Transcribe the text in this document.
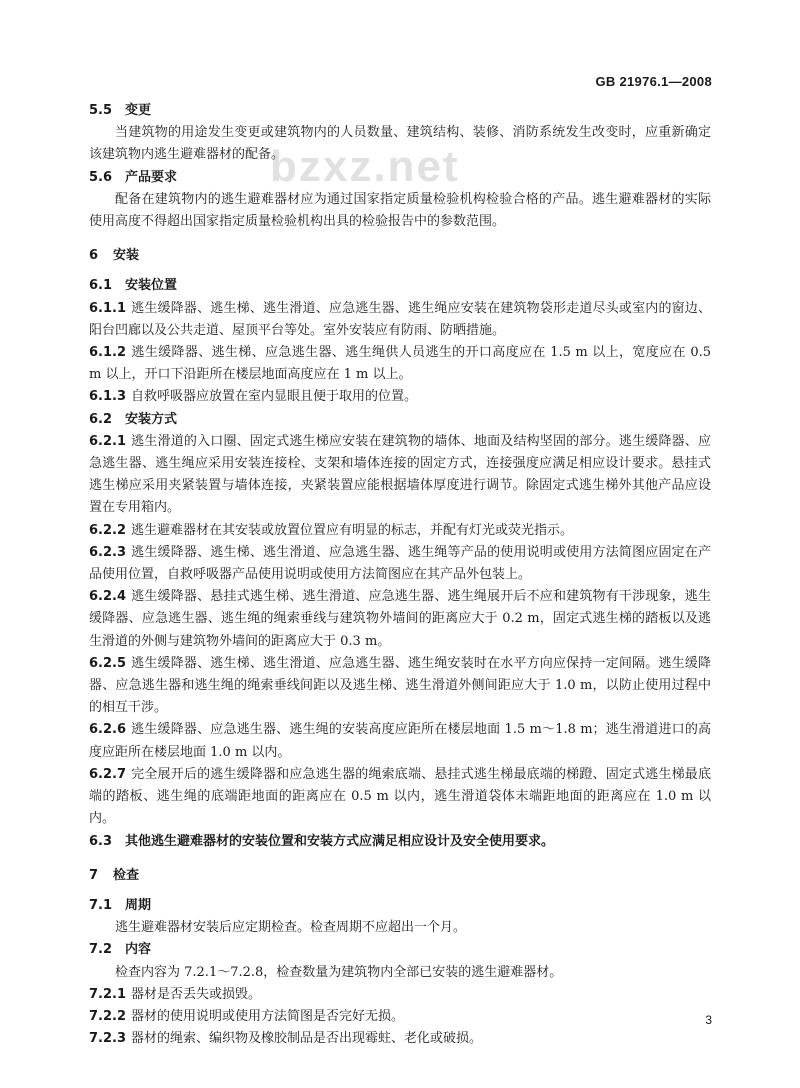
GB 21976.1—2008
bzxz.net
5.5 变更
当建筑物的用途发生变更或建筑物内的人员数量、建筑结构、装修、消防系统发生改变时，应重新确定该建筑物内逃生避难器材的配备。
5.6 产品要求
配备在建筑物内的逃生避难器材应为通过国家指定质量检验机构检验合格的产品。逃生避难器材的实际使用高度不得超出国家指定质量检验机构出具的检验报告中的参数范围。
6 安装
6.1 安装位置
6.1.1 逃生缓降器、逃生梯、逃生滑道、应急逃生器、逃生绳应安装在建筑物袋形走道尽头或室内的窗边、阳台凹廊以及公共走道、屋顶平台等处。室外安装应有防雨、防晒措施。
6.1.2 逃生缓降器、逃生梯、应急逃生器、逃生绳供人员逃生的开口高度应在 1.5 m 以上，宽度应在 0.5 m 以上，开口下沿距所在楼层地面高度应在 1 m 以上。
6.1.3 自救呼吸器应放置在室内显眼且便于取用的位置。
6.2 安装方式
6.2.1 逃生滑道的入口圈、固定式逃生梯应安装在建筑物的墙体、地面及结构坚固的部分。逃生缓降器、应急逃生器、逃生绳应采用安装连接栓、支架和墙体连接的固定方式，连接强度应满足相应设计要求。悬挂式逃生梯应采用夹紧装置与墙体连接，夹紧装置应能根据墙体厚度进行调节。除固定式逃生梯外其他产品应设置在专用箱内。
6.2.2 逃生避难器材在其安装或放置位置应有明显的标志，并配有灯光或荧光指示。
6.2.3 逃生缓降器、逃生梯、逃生滑道、应急逃生器、逃生绳等产品的使用说明或使用方法简图应固定在产品使用位置，自救呼吸器产品使用说明或使用方法简图应在其产品外包装上。
6.2.4 逃生缓降器、悬挂式逃生梯、逃生滑道、应急逃生器、逃生绳展开后不应和建筑物有干涉现象，逃生缓降器、应急逃生器、逃生绳的绳索垂线与建筑物外墙间的距离应大于 0.2 m，固定式逃生梯的踏板以及逃生滑道的外侧与建筑物外墙间的距离应大于 0.3 m。
6.2.5 逃生缓降器、逃生梯、逃生滑道、应急逃生器、逃生绳安装时在水平方向应保持一定间隔。逃生缓降器、应急逃生器和逃生绳的绳索垂线间距以及逃生梯、逃生滑道外侧间距应大于 1.0 m，以防止使用过程中的相互干涉。
6.2.6 逃生缓降器、应急逃生器、逃生绳的安装高度应距所在楼层地面 1.5 m～1.8 m；逃生滑道进口的高度应距所在楼层地面 1.0 m 以内。
6.2.7 完全展开后的逃生缓降器和应急逃生器的绳索底端、悬挂式逃生梯最底端的梯蹬、固定式逃生梯最底端的踏板、逃生绳的底端距地面的距离应在 0.5 m 以内，逃生滑道袋体末端距地面的距离应在 1.0 m 以内。
6.3 其他逃生避难器材的安装位置和安装方式应满足相应设计及安全使用要求。
7 检查
7.1 周期
逃生避难器材安装后应定期检查。检查周期不应超出一个月。
7.2 内容
检查内容为 7.2.1～7.2.8，检查数量为建筑物内全部已安装的逃生避难器材。
7.2.1 器材是否丢失或损毁。
7.2.2 器材的使用说明或使用方法简图是否完好无损。
7.2.3 器材的绳索、编织物及橡胶制品是否出现霉蛀、老化或破损。
3
